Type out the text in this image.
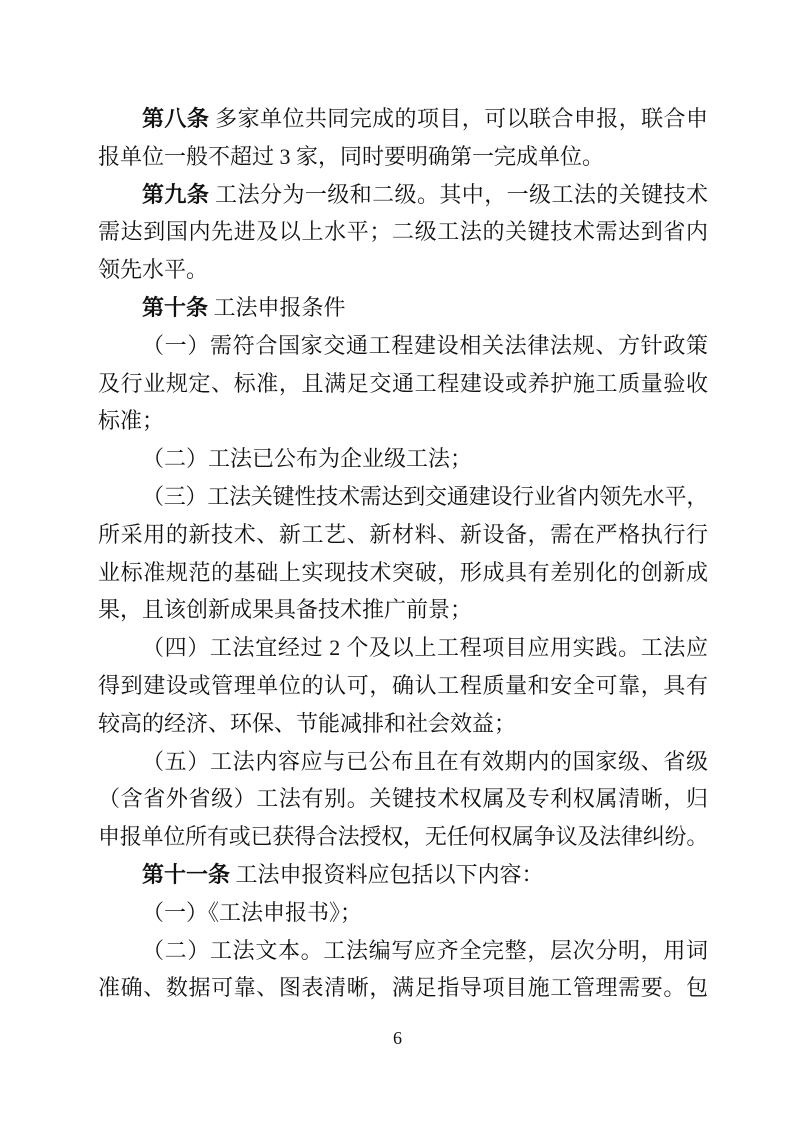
第八条 多家单位共同完成的项目，可以联合申报，联合申
报单位一般不超过 3 家，同时要明确第一完成单位。
第九条 工法分为一级和二级。其中，一级工法的关键技术
需达到国内先进及以上水平；二级工法的关键技术需达到省内
领先水平。
第十条 工法申报条件
（一）需符合国家交通工程建设相关法律法规、方针政策
及行业规定、标准，且满足交通工程建设或养护施工质量验收
标准；
（二）工法已公布为企业级工法；
（三）工法关键性技术需达到交通建设行业省内领先水平，
所采用的新技术、新工艺、新材料、新设备，需在严格执行行
业标准规范的基础上实现技术突破，形成具有差别化的创新成
果，且该创新成果具备技术推广前景；
（四）工法宜经过 2 个及以上工程项目应用实践。工法应
得到建设或管理单位的认可，确认工程质量和安全可靠，具有
较高的经济、环保、节能减排和社会效益；
（五）工法内容应与已公布且在有效期内的国家级、省级
（含省外省级）工法有别。关键技术权属及专利权属清晰，归
申报单位所有或已获得合法授权，无任何权属争议及法律纠纷。
第十一条 工法申报资料应包括以下内容：
（一）《工法申报书》；
（二）工法文本。工法编写应齐全完整，层次分明，用词
准确、数据可靠、图表清晰，满足指导项目施工管理需要。包
6
